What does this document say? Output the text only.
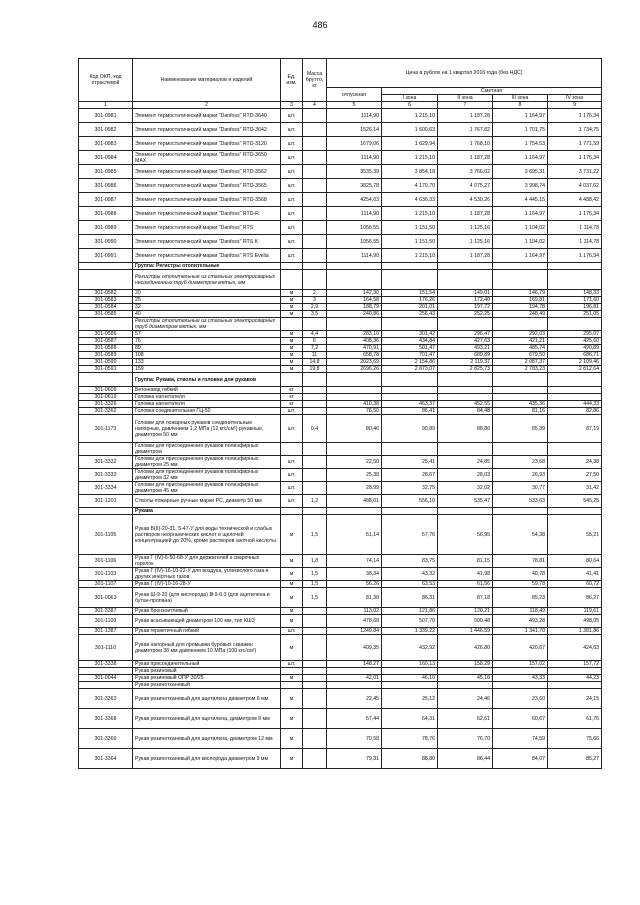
486
Код ОКП, код отраслевой	Наименование материалов и изделий	Ед. изм.	Масса брутто, кг	Цена в рублях на 1 квартал 2016 года (без НДС)				
				отпускная	Сметная			
					I зона	II зона	III зона	IV зона
1	2	3	4	5	6	7	8	9
301-0981	Элемент термостатический марки "Danfoss" RTD-3640	шт.		1114,90	1 215,10	1 187,28	1 164,97	1 176,34
301-0982	Элемент термостатический марки "Danfoss" RTD-3642	шт.		1526,14	1 600,63	1 767,82	1 701,75	1 734,75
301-0983	Элемент термостатический марки "Danfoss" RTD-3120	шт.		1679,06	1 629,94	1 768,10	1 754,53	1 771,59
301-0984	Элемент термостатический марки "Danfoss" RTD-3650 MAX	шт.		1114,90	1 215,10	1 187,28	1 164,97	1 176,34
301-0985	Элемент термостатический марки "Danfoss" RTD-3562	шт.		3535,39	3 854,18	3 766,02	3 695,31	3 731,22
301-0986	Элемент термостатический марки "Danfoss" RTD-3565	шт.		3825,78	4 170,70	4 075,27	3 998,74	4 037,62
301-0987	Элемент термостатический марки "Danfoss" RTD-3568	шт.		4254,03	4 636,33	4 530,26	4 445,15	4 488,42
301-0988	Элемент термостатический марки "Danfoss" RTD-R	шт.		1114,90	1 215,10	1 187,28	1 164,97	1 176,34
301-0989	Элемент термостатический марки "Danfoss" RTS	шт.		1056,55	1 151,50	1 125,16	1 104,02	1 114,78
301-0990	Элемент термостатический марки "Danfoss" RTS K	шт.		1056,55	1 151,50	1 125,16	1 104,02	1 114,78
301-0991	Элемент термостатический марки "Danfoss" RTS Evelia	шт.		1114,90	1 215,10	1 187,28	1 164,97	1 176,34
	Группа: Регистры отопительные							
	Регистры отопительные из стальных электросварных несоединенных труб диаметром мятых, мм							
301-0582	20	м	2	142,30	151,54	149,01	146,79	148,33
301-0583	25	м	3	164,58	176,26	172,40	169,81	171,60
301-0584	32	м	2,9	188,79	201,01	197,72	194,78	196,81
301-0585	40	м	3,5	240,86	256,43	252,25	248,49	251,05
	Регистры отопительные из стальных электросварных труб диаметром мятых, мм							
301-0586	57	м	4,4	283,10	301,42	296,47	292,03	295,07
301-0587	76	м	6	408,36	434,84	427,63	421,21	425,60
301-0588	89	м	7,2	470,91	501,47	493,21	485,74	490,89
301-0589	108	м	11	658,78	701,47	689,89	679,50	686,71
301-0590	133	м	14,8	2023,69	2 154,86	2 119,37	2 087,37	2 109,46
301-0591	159	м	19,8	2696,26	2 873,07	2 825,73	2 783,23	2 812,64
	Группа: Рукава, стволы и головки для рукавов							
301-0609	Бетоновод гибкий	кг						
301-0619	Головка нагнетателя	кг						
301-3326	Головка нагнетателя	кг		410,38	463,37	452,55	435,36	444,33
301-3362	Головка соединительная ГЦ-50	шт.		76,50	86,41	84,48	81,16	82,86
301-1173	Головки для пожарных рукавов соединительные напорные, давлением 1,2 МПа (12 кгс/см²) рукавные, диаметром 50 мм	шт.	0,4	80,46	90,89	88,86	85,39	87,19
	Головки для присоединения рукавов полиэфирных диаметром							
301-3332	Головки для присоединения рукавов полиэфирных диаметром 25 мм	шт.		22,50	25,41	24,85	23,68	24,38
301-3333	Головки для присоединения рукавов полиэфирных диаметром 32 мм	шт.		25,38	28,67	28,03	26,93	27,50
301-3334	Головки для присоединения рукавов полиэфирных диаметром 45 мм	шт.		28,99	32,75	32,02	30,77	31,42
301-1201	Стволы пожарные ручные марки РС, диаметр 50 мм	шт.	1,2	488,01	556,10	535,47	533,63	545,25
	Рукава							
301-1105	Рукав В(II)-20-31, 5-47-У для воды технической и слабых растворов неорганических кислот и щелочей концентрацией до 20%, кроме растворов азотной кислоты	м	1,5	51,14	57,76	56,95	54,38	55,21
301-1106	Рукав Г (IV)-6-50-68-У для держателей к сварочных горелок	м	1,8	74,14	83,75	81,15	78,81	80,64
301-1103	Рукав Г (IV)-16-10-22-У для воздуха, углекислого газа и других инертных газов	м	1,5	38,34	43,32	41,98	40,78	41,41
301-1107	Рукав Г (IV)-10-16-28-У	м	1,5	56,26	63,53	61,56	59,78	60,72
301-0063	Рукав Ш-9-20 (для кислорода) Ⅲ-9-6.3 (для ацетилена и бутан-пропана)	м	1,5	81,38	86,31	87,18	85,23	86,27
301-3387	Рукав бронзоитлевый	м		113,02	121,86	120,21	118,49	119,61
301-1109	Рукав всасывающий диаметром 100 мм, тип КШЗ	м		478,68	507,70	500,48	493,28	498,05
301-1387	Рукав герметичный гибкий	шт.		1249,84	1 339,22	1 446,59	1 341,70	1 381,86
301-1110	Рукав напорный для промывки буровых скважин диаметром 38 мм давлением 10 МПа (100 кгс/см²)	м		409,35	432,92	426,80	420,67	424,63
301-3338	Рукав присоединительный	шт.		148,27	160,13	158,29	157,02	157,72
	Рукав резиновый							
301-0044	Рукав резиновый ОПР 30/25	м		42,01	46,10	45,10	43,33	44,23
	Рукав резинотканевый							
301-3363	Рукав резинотканевый для ацетилена диаметром 6 мм	м		22,45	25,12	24,46	23,60	24,15
301-3368	Рукав резинотканевый для ацетилена, диаметром 9 мм	м		57,44	64,31	62,61	60,67	61,76
301-3369	Рукав резинотканевый для ацетилена, диаметром 12 мм	м		70,58	78,76	76,70	74,59	75,66
301-3364	Рукав резинотканевый для кислорода диаметром 9 мм	м		79,31	88,80	86,44	84,07	85,27
